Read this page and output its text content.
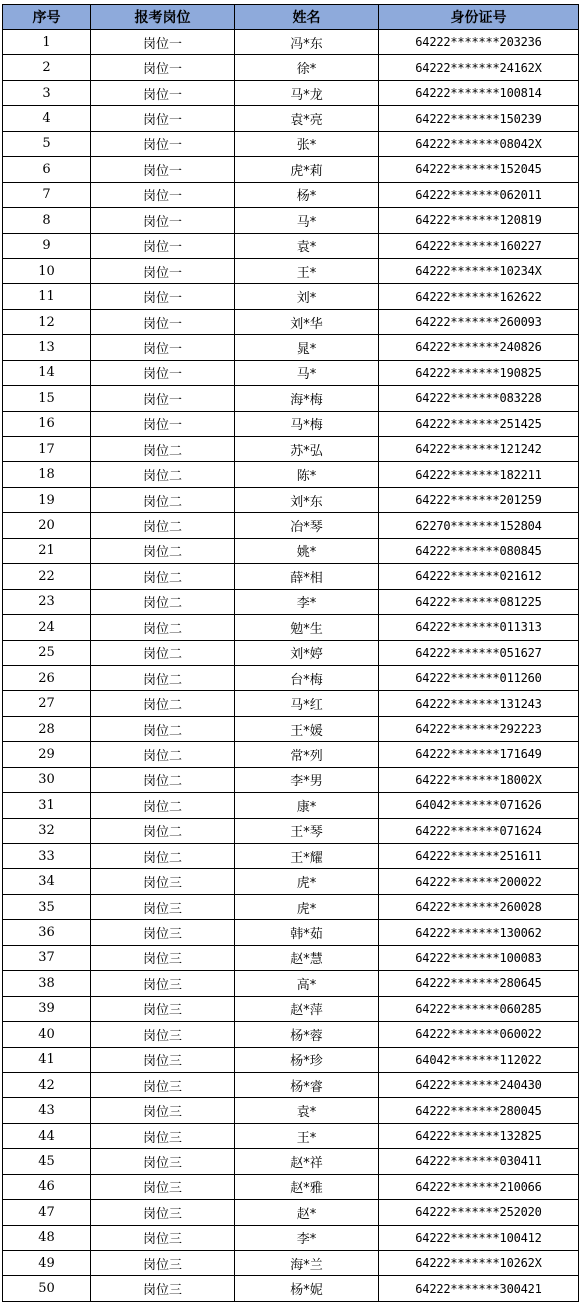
序号	报考岗位	姓名	身份证号
1	岗位一	冯*东	64222*******203236
2	岗位一	徐*	64222*******24162X
3	岗位一	马*龙	64222*******100814
4	岗位一	袁*亮	64222*******150239
5	岗位一	张*	64222*******08042X
6	岗位一	虎*莉	64222*******152045
7	岗位一	杨*	64222*******062011
8	岗位一	马*	64222*******120819
9	岗位一	袁*	64222*******160227
10	岗位一	王*	64222*******10234X
11	岗位一	刘*	64222*******162622
12	岗位一	刘*华	64222*******260093
13	岗位一	晁*	64222*******240826
14	岗位一	马*	64222*******190825
15	岗位一	海*梅	64222*******083228
16	岗位一	马*梅	64222*******251425
17	岗位二	苏*弘	64222*******121242
18	岗位二	陈*	64222*******182211
19	岗位二	刘*东	64222*******201259
20	岗位二	冶*琴	62270*******152804
21	岗位二	姚*	64222*******080845
22	岗位二	薛*相	64222*******021612
23	岗位二	李*	64222*******081225
24	岗位二	勉*生	64222*******011313
25	岗位二	刘*婷	64222*******051627
26	岗位二	台*梅	64222*******011260
27	岗位二	马*红	64222*******131243
28	岗位二	王*媛	64222*******292223
29	岗位二	常*列	64222*******171649
30	岗位二	李*男	64222*******18002X
31	岗位二	康*	64042*******071626
32	岗位二	王*琴	64222*******071624
33	岗位二	王*耀	64222*******251611
34	岗位三	虎*	64222*******200022
35	岗位三	虎*	64222*******260028
36	岗位三	韩*茹	64222*******130062
37	岗位三	赵*慧	64222*******100083
38	岗位三	高*	64222*******280645
39	岗位三	赵*萍	64222*******060285
40	岗位三	杨*蓉	64222*******060022
41	岗位三	杨*珍	64042*******112022
42	岗位三	杨*睿	64222*******240430
43	岗位三	袁*	64222*******280045
44	岗位三	王*	64222*******132825
45	岗位三	赵*祥	64222*******030411
46	岗位三	赵*雅	64222*******210066
47	岗位三	赵*	64222*******252020
48	岗位三	李*	64222*******100412
49	岗位三	海*兰	64222*******10262X
50	岗位三	杨*妮	64222*******300421
